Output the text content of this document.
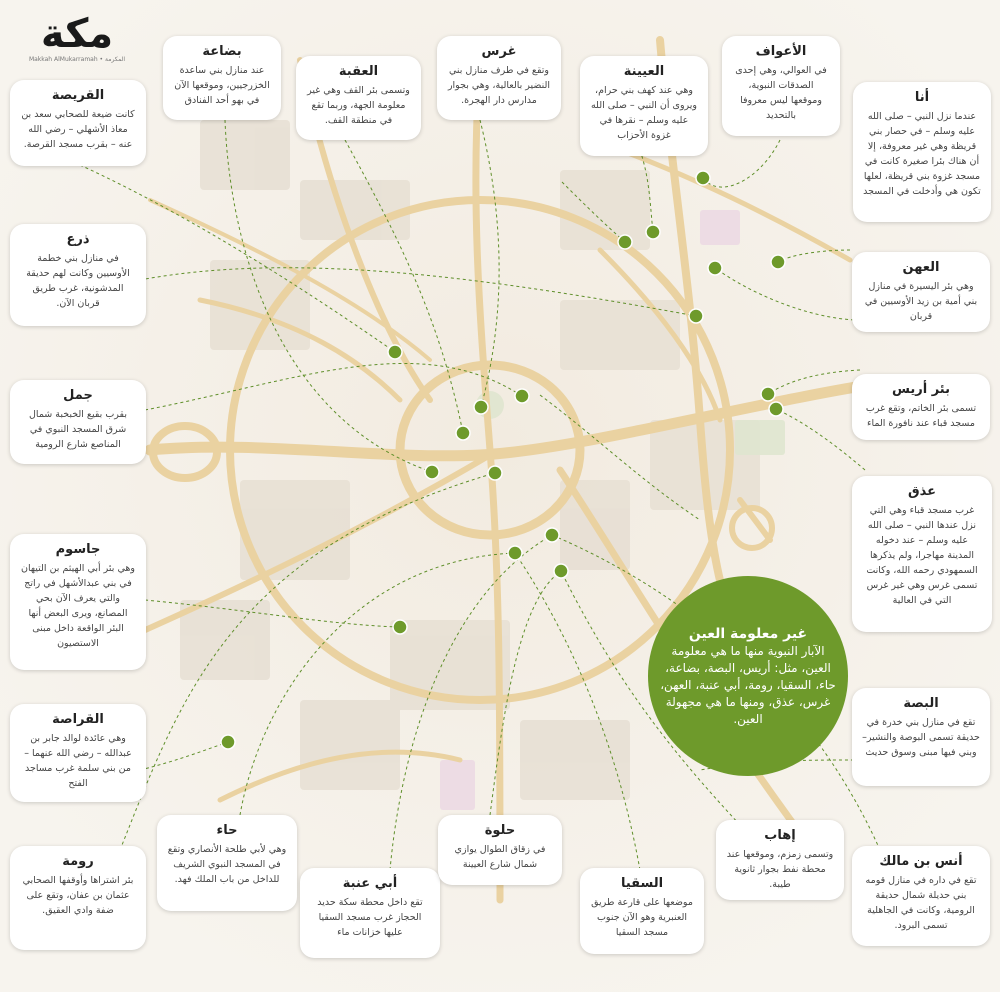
مكة
Makkah AlMukarramah • المكرمة
القريصة

كانت ضيعة للصحابي سعد بن معاذ الأشهلي – رضي الله عنه – بقرب مسجد القرصة.

بضاعة

عند منازل بني ساعدة الخزرجيين، وموقعها الآن في بهو أحد الفنادق

العقبة

وتسمى بئر القف وهي غير معلومة الجهة، وربما تقع في منطقة القف.

غرس

وتقع في طرف منازل بني النضير بالعالية، وهي بجوار مدارس دار الهجرة.

العيينة

وهي عند كهف بني حرام، ويروى أن النبي – صلى الله عليه وسلم – نقرها في غزوة الأحزاب

الأعواف

في العوالي، وهي إحدى الصدقات النبوية، وموقعها ليس معروفا بالتحديد

أنا

عندما نزل النبي – صلى الله عليه وسلم – في حصار بني قريظة وهي غير معروفة، إلا أن هناك بئرا صغيرة كانت في مسجد غزوة بني قريظة، لعلها تكون هي وأدخلت في المسجد

ذرع

في منازل بني خطمة الأوسيين وكانت لهم حديقة المدشونية، غرب طريق قربان الآن.

العهن

وهي بئر اليسيرة في منازل بني أمية بن زيد الأوسيين في قربان

جمل

بقرب بقيع الخبخبة شمال شرق المسجد النبوي في المناصع شارع الرومية

بئر أريس

تسمى بئر الخاتم، وتقع غرب مسجد قباء عند نافورة الماء

عذق

غرب مسجد قباء وهي التي نزل عندها النبي – صلى الله عليه وسلم – عند دخوله المدينة مهاجرا، ولم يذكرها السمهودي رحمه الله، وكانت تسمى غرس وهي غير غرس التي في العالية

جاسوم

وهي بئر أبي الهيثم بن التيهان في بني عبدالأشهل في راتج والتي يعرف الآن بحي المصانع، ويرى البعض أنها البئر الواقعة داخل مبنى الاستصيون

القراصة

وهي عائدة لوالد جابر بن عبدالله – رضي الله عنهما – من بني سلمة غرب مساجد الفتح

البصة

تقع في منازل بني خدرة في حديقة تسمى البوصة والنشير–وبني فيها مبنى وسوق حديث

رومة

بئر اشتراها وأوقفها الصحابي عثمان بن عفان، وتقع على ضفة وادي العقيق.

حاء

وهي لأبي طلحة الأنصاري وتقع في المسجد النبوي الشريف للداخل من باب الملك فهد.	أبي عنبة

تقع داخل محطة سكة حديد الحجاز غرب مسجد السقيا عليها خزانات ماء

حلوة

في زقاق الطوال يوازي شمال شارع العيينة

السقيا

موضعها على قارعة طريق العنبرية وهو الآن جنوب مسجد السقيا

إهاب

وتسمى زمزم، وموقعها عند محطة نفط بجوار ثانوية طيبة.

أنس بن مالك

تقع في داره في منازل قومه بني حديلة شمال حديقة الرومية، وكانت في الجاهلية تسمى البرود.

غير معلومة العين

الآبار النبوية منها ما هي معلومة العين، مثل: أريس، البصة، بضاعة، حاء، السقيا، رومة، أبي عنبة، العهن، غرس، عذق، ومنها ما هي مجهولة العين.
